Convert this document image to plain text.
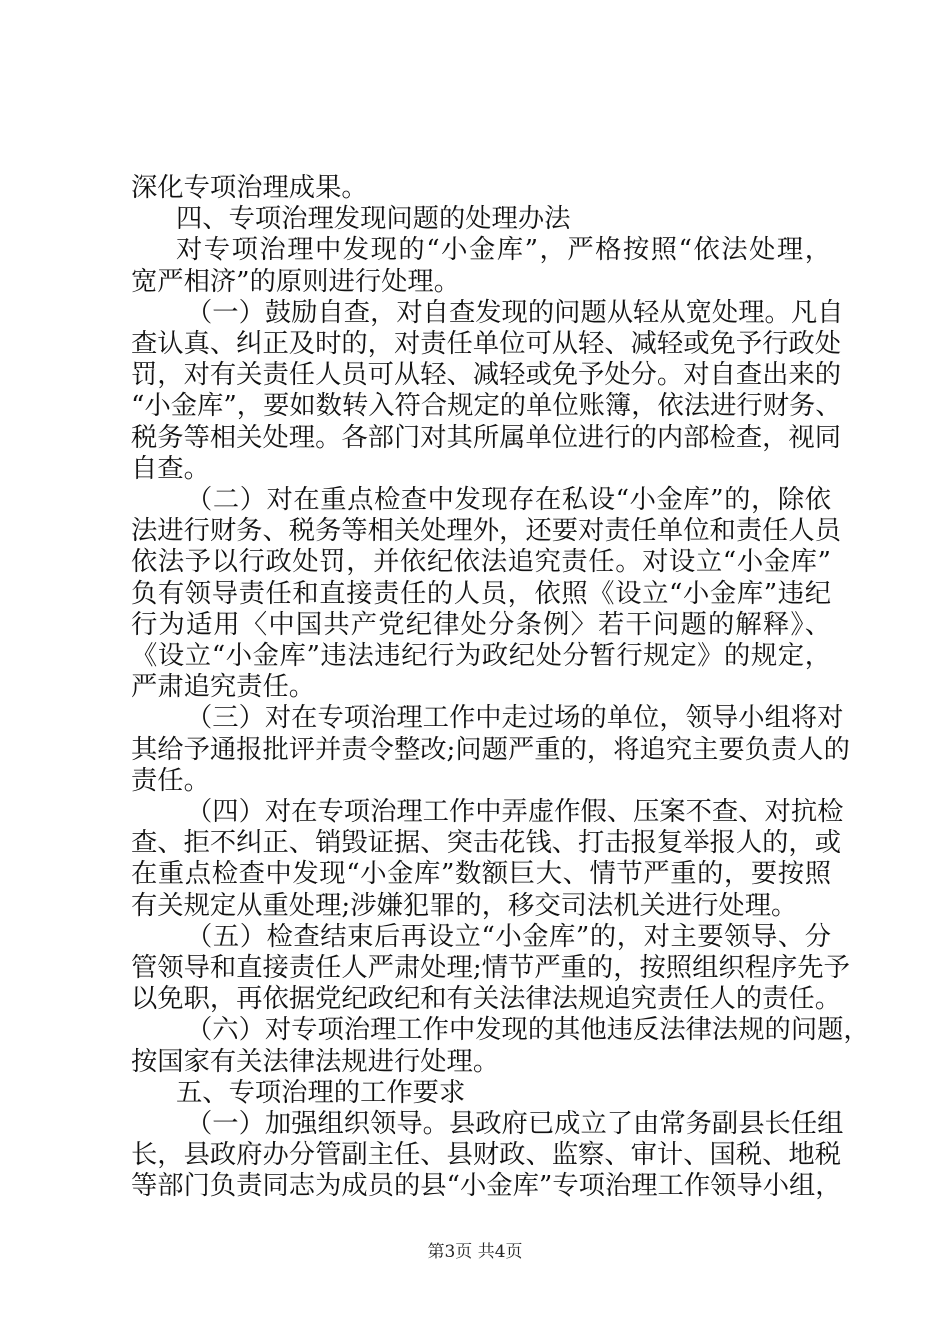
深化专项治理成果。
四、专项治理发现问题的处理办法
对专项治理中发现的“小金库”，严格按照“依法处理，
宽严相济”的原则进行处理。
（一）鼓励自查，对自查发现的问题从轻从宽处理。凡自
查认真、纠正及时的，对责任单位可从轻、减轻或免予行政处
罚，对有关责任人员可从轻、减轻或免予处分。对自查出来的
“小金库”，要如数转入符合规定的单位账簿，依法进行财务、
税务等相关处理。各部门对其所属单位进行的内部检查，视同
自查。
（二）对在重点检查中发现存在私设“小金库”的，除依
法进行财务、税务等相关处理外，还要对责任单位和责任人员
依法予以行政处罚，并依纪依法追究责任。对设立“小金库”
负有领导责任和直接责任的人员，依照《设立“小金库”违纪
行为适用〈中国共产党纪律处分条例〉若干问题的解释》、
《设立“小金库”违法违纪行为政纪处分暂行规定》的规定，
严肃追究责任。
（三）对在专项治理工作中走过场的单位，领导小组将对
其给予通报批评并责令整改;问题严重的，将追究主要负责人的
责任。
（四）对在专项治理工作中弄虚作假、压案不查、对抗检
查、拒不纠正、销毁证据、突击花钱、打击报复举报人的，或
在重点检查中发现“小金库”数额巨大、情节严重的，要按照
有关规定从重处理;涉嫌犯罪的，移交司法机关进行处理。
（五）检查结束后再设立“小金库”的，对主要领导、分
管领导和直接责任人严肃处理;情节严重的，按照组织程序先予
以免职，再依据党纪政纪和有关法律法规追究责任人的责任。
（六）对专项治理工作中发现的其他违反法律法规的问题，
按国家有关法律法规进行处理。
五、专项治理的工作要求
（一）加强组织领导。县政府已成立了由常务副县长任组
长，县政府办分管副主任、县财政、监察、审计、国税、地税
等部门负责同志为成员的县“小金库”专项治理工作领导小组，
第3页 共4页
